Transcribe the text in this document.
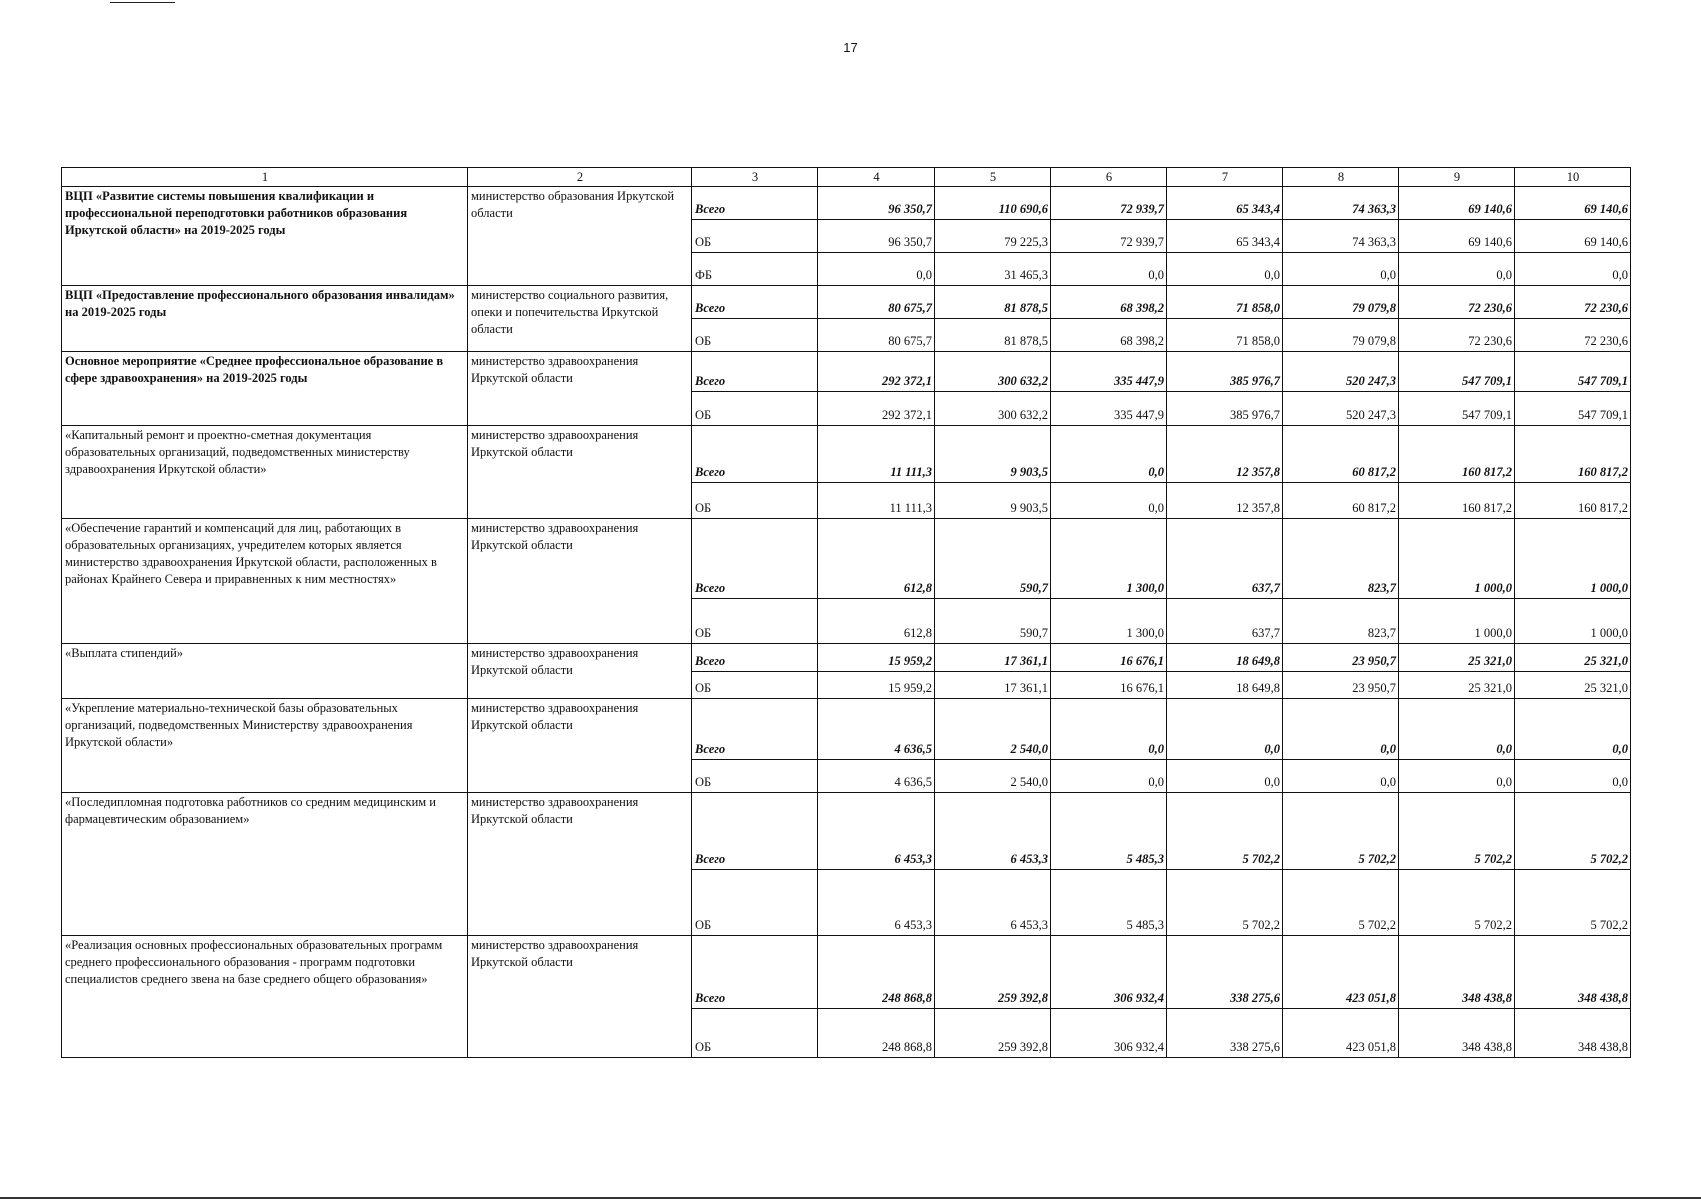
17
1	2	3	4	5	6	7	8	9	10
ВЦП «Развитие системы повышения квалификации и профессиональной переподготовки работников образования Иркутской области» на 2019-2025 годы	министерство образования Иркутской области	Всего	96 350,7	110 690,6	72 939,7	65 343,4	74 363,3	69 140,6	69 140,6
		ОБ	96 350,7	79 225,3	72 939,7	65 343,4	74 363,3	69 140,6	69 140,6
		ФБ	0,0	31 465,3	0,0	0,0	0,0	0,0	0,0
ВЦП «Предоставление профессионального образования инвалидам» на 2019-2025 годы	министерство социального развития, опеки и попечительства Иркутской области	Всего	80 675,7	81 878,5	68 398,2	71 858,0	79 079,8	72 230,6	72 230,6
		ОБ	80 675,7	81 878,5	68 398,2	71 858,0	79 079,8	72 230,6	72 230,6
Основное мероприятие «Среднее профессиональное образование в сфере здравоохранения» на 2019-2025 годы	министерство здравоохранения Иркутской области	Всего	292 372,1	300 632,2	335 447,9	385 976,7	520 247,3	547 709,1	547 709,1
		ОБ	292 372,1	300 632,2	335 447,9	385 976,7	520 247,3	547 709,1	547 709,1
«Капитальный ремонт и проектно-сметная документация образовательных организаций, подведомственных министерству здравоохранения Иркутской области»	министерство здравоохранения Иркутской области	Всего	11 111,3	9 903,5	0,0	12 357,8	60 817,2	160 817,2	160 817,2
		ОБ	11 111,3	9 903,5	0,0	12 357,8	60 817,2	160 817,2	160 817,2
«Обеспечение гарантий и компенсаций для лиц, работающих в образовательных организациях, учредителем которых является министерство здравоохранения Иркутской области, расположенных в районах Крайнего Севера и приравненных к ним местностях»	министерство здравоохранения Иркутской области	Всего	612,8	590,7	1 300,0	637,7	823,7	1 000,0	1 000,0
		ОБ	612,8	590,7	1 300,0	637,7	823,7	1 000,0	1 000,0
«Выплата стипендий»	министерство здравоохранения Иркутской области	Всего	15 959,2	17 361,1	16 676,1	18 649,8	23 950,7	25 321,0	25 321,0
		ОБ	15 959,2	17 361,1	16 676,1	18 649,8	23 950,7	25 321,0	25 321,0
«Укрепление материально-технической базы образовательных организаций, подведомственных Министерству здравоохранения Иркутской области»	министерство здравоохранения Иркутской области	Всего	4 636,5	2 540,0	0,0	0,0	0,0	0,0	0,0
		ОБ	4 636,5	2 540,0	0,0	0,0	0,0	0,0	0,0
«Последипломная подготовка работников со средним медицинским и фармацевтическим образованием»	министерство здравоохранения Иркутской области	Всего	6 453,3	6 453,3	5 485,3	5 702,2	5 702,2	5 702,2	5 702,2
		ОБ	6 453,3	6 453,3	5 485,3	5 702,2	5 702,2	5 702,2	5 702,2
«Реализация основных профессиональных образовательных программ среднего профессионального образования - программ подготовки специалистов среднего звена на базе среднего общего образования»	министерство здравоохранения Иркутской области	Всего	248 868,8	259 392,8	306 932,4	338 275,6	423 051,8	348 438,8	348 438,8
		ОБ	248 868,8	259 392,8	306 932,4	338 275,6	423 051,8	348 438,8	348 438,8
